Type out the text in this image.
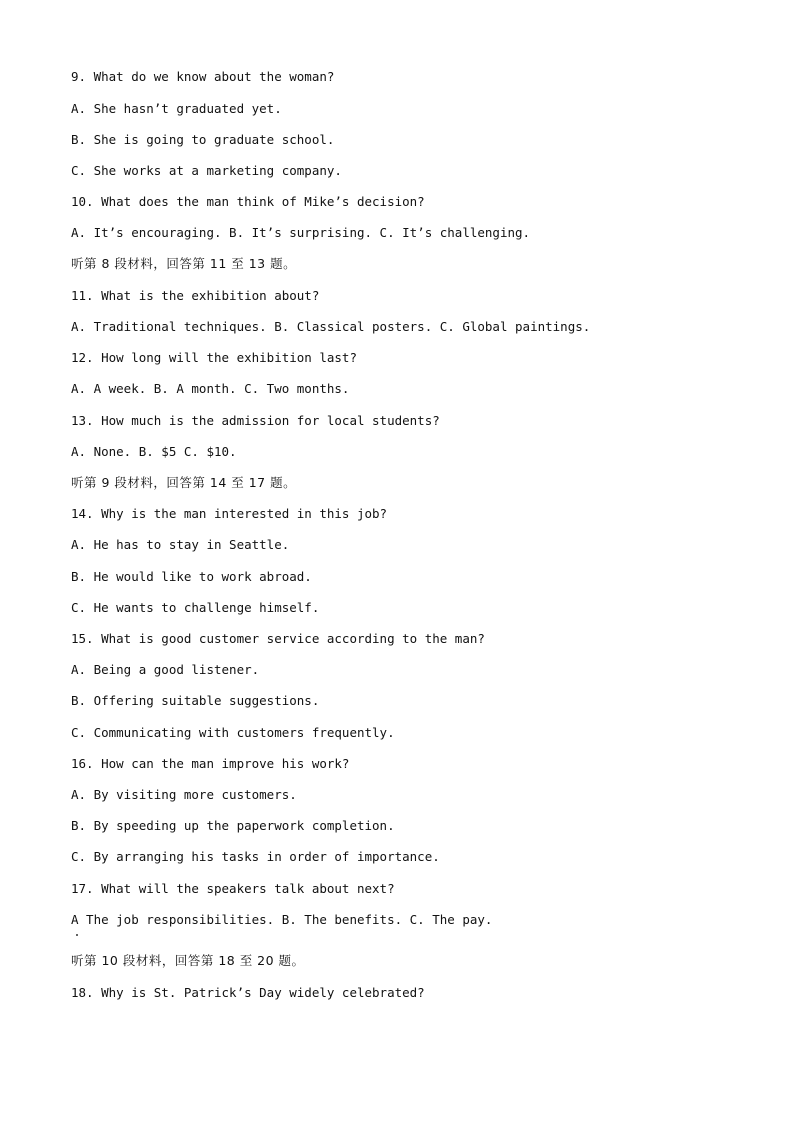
9. What do we know about the woman?
A. She hasn’t graduated yet.
B. She is going to graduate school.
C. She works at a marketing company.
10. What does the man think of Mike’s decision?
A. It’s encouraging. B. It’s surprising. C. It’s challenging.
听第 8 段材料，回答第 11 至 13 题。
11. What is the exhibition about?
A. Traditional techniques. B. Classical posters. C. Global paintings.
12. How long will the exhibition last?
A. A week. B. A month. C. Two months.
13. How much is the admission for local students?
A. None. B. $5 C. $10.
听第 9 段材料，回答第 14 至 17 题。
14. Why is the man interested in this job?
A. He has to stay in Seattle.
B. He would like to work abroad.
C. He wants to challenge himself.
15. What is good customer service according to the man?
A. Being a good listener.
B. Offering suitable suggestions.
C. Communicating with customers frequently.
16. How can the man improve his work?
A. By visiting more customers.
B. By speeding up the paperwork completion.
C. By arranging his tasks in order of importance.
17. What will the speakers talk about next?
A The job responsibilities. B. The benefits. C. The pay.
听第 10 段材料，回答第 18 至 20 题。
18. Why is St. Patrick’s Day widely celebrated?
